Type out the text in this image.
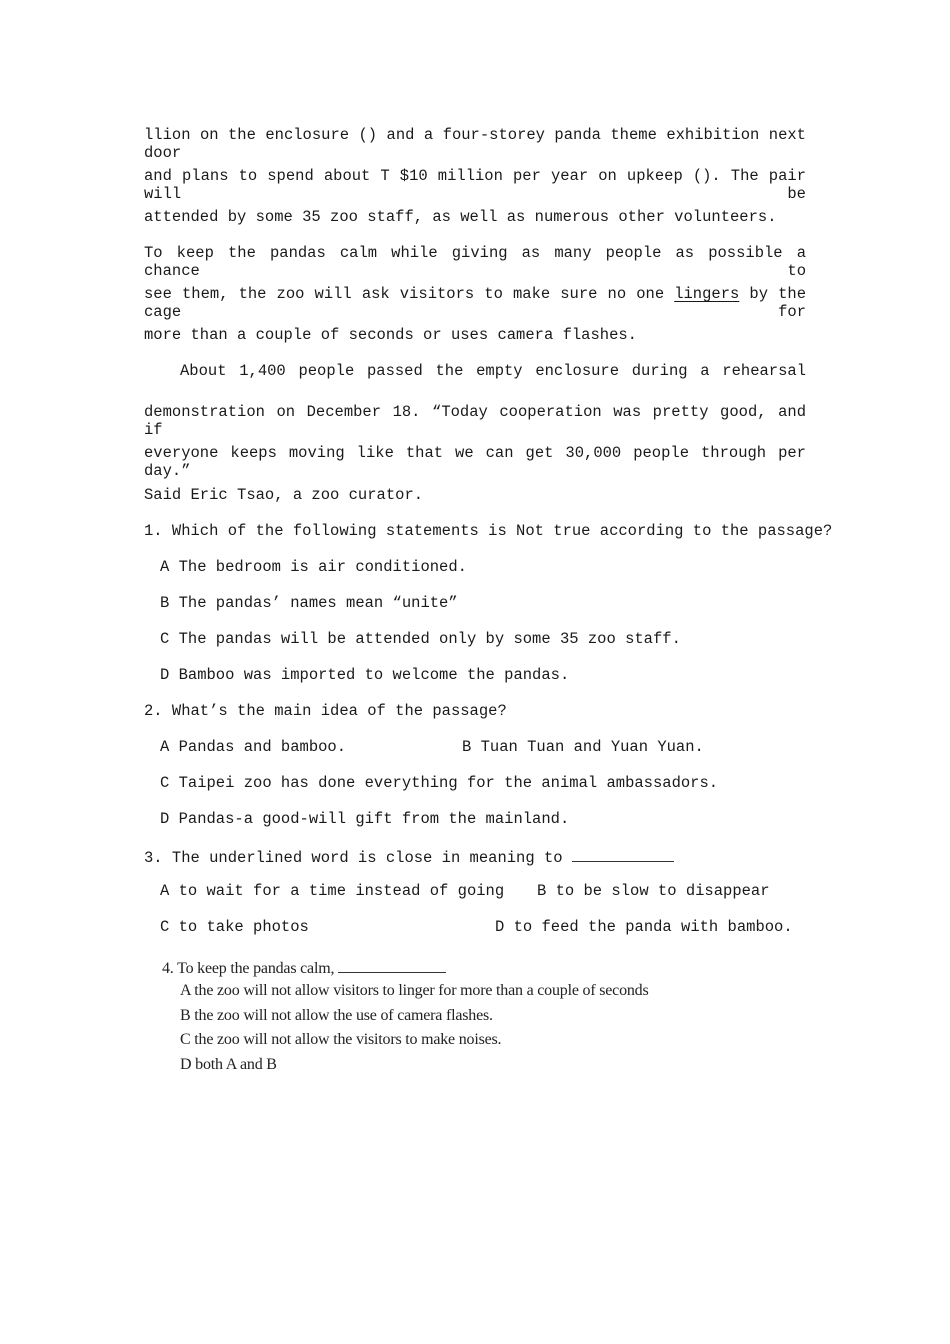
llion on the enclosure () and a four-storey panda theme exhibition next door
and plans to spend about T $10 million per year on upkeep (). The pair will be
attended by some 35 zoo staff, as well as numerous other volunteers.
To keep the pandas calm while giving as many people as possible a chance to
see them, the zoo will ask visitors to make sure no one lingers by the cage for
more than a couple of seconds or uses camera flashes.
About 1,400 people passed the empty enclosure during a rehearsal
demonstration on December 18. “Today cooperation was pretty good, and if
everyone keeps moving like that we can get 30,000 people through per day.”
Said Eric Tsao, a zoo curator.
1. Which of the following statements is Not true according to the passage?
A The bedroom is air conditioned.
B The pandas’ names mean “unite”
C The pandas will be attended only by some 35 zoo staff.
D Bamboo was imported to welcome the pandas.
2. What’s the main idea of the passage?
A Pandas and bamboo.	B Tuan Tuan and Yuan Yuan.
C Taipei zoo has done everything for the animal ambassadors.
D Pandas-a good-will gift from the mainland.
3. The underlined word is close in meaning to
A to wait for a time instead of going B to be slow to disappear
C to take photos	D to feed the panda with bamboo.
4. To keep the pandas calm,
A the zoo will not allow visitors to linger for more than a couple of seconds
B the zoo will not allow the use of camera flashes.
C the zoo will not allow the visitors to make noises.
D both A and B
